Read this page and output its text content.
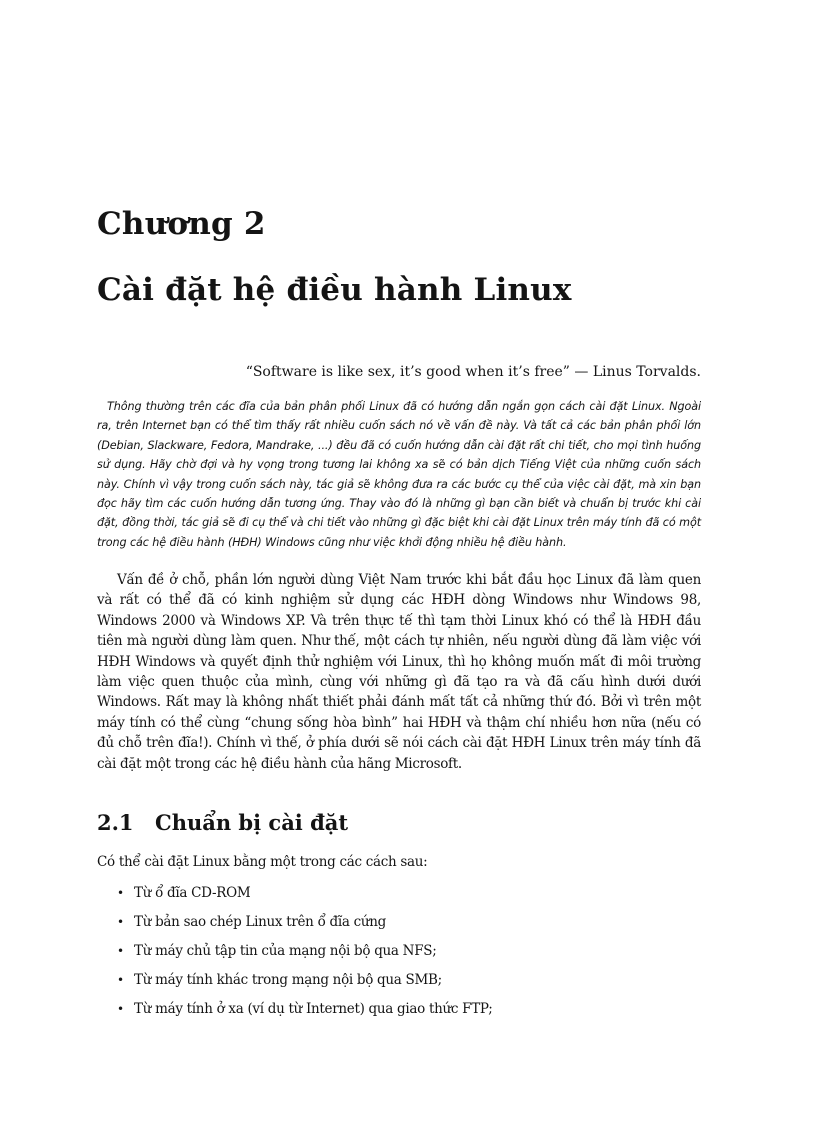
Chương 2
Cài đặt hệ điều hành Linux

“Software is like sex, it’s good when it’s free” — Linus Torvalds.

Thông thường trên các đĩa của bản phân phối Linux đã có hướng dẫn ngắn gọn cách cài đặt Linux. Ngoài ra, trên Internet bạn có thể tìm thấy rất nhiều cuốn sách nó về vấn đề này. Và tất cả các bản phân phối lớn (Debian, Slackware, Fedora, Mandrake, ...) đều đã có cuốn hướng dẫn cài đặt rất chi tiết, cho mọi tình huống sử dụng. Hãy chờ đợi và hy vọng trong tương lai không xa sẽ có bản dịch Tiếng Việt của những cuốn sách này. Chính vì vậy trong cuốn sách này, tác giả sẽ không đưa ra các bước cụ thể của việc cài đặt, mà xin bạn đọc hãy tìm các cuốn hướng dẫn tương ứng. Thay vào đó là những gì bạn cần biết và chuẩn bị trước khi cài đặt, đồng thời, tác giả sẽ đi cụ thể và chi tiết vào những gì đặc biệt khi cài đặt Linux trên máy tính đã có một trong các hệ điều hành (HĐH) Windows cũng như việc khởi động nhiều hệ điều hành.

Vấn đề ở chỗ, phần lớn người dùng Việt Nam trước khi bắt đầu học Linux đã làm quen và rất có thể đã có kinh nghiệm sử dụng các HĐH dòng Windows như Windows 98, Windows 2000 và Windows XP. Và trên thực tế thì tạm thời Linux khó có thể là HĐH đầu tiên mà người dùng làm quen. Như thế, một cách tự nhiên, nếu người dùng đã làm việc với HĐH Windows và quyết định thử nghiệm với Linux, thì họ không muốn mất đi môi trường làm việc quen thuộc của mình, cùng với những gì đã tạo ra và đã cấu hình dưới dưới Windows. Rất may là không nhất thiết phải đánh mất tất cả những thứ đó. Bởi vì trên một máy tính có thể cùng “chung sống hòa bình” hai HĐH và thậm chí nhiều hơn nữa (nếu có đủ chỗ trên đĩa!). Chính vì thế, ở phía dưới sẽ nói cách cài đặt HĐH Linux trên máy tính đã cài đặt một trong các hệ điều hành của hãng Microsoft.

2.1 Chuẩn bị cài đặt

Có thể cài đặt Linux bằng một trong các cách sau:

• Từ ổ đĩa CD-ROM
• Từ bản sao chép Linux trên ổ đĩa cứng
• Từ máy chủ tập tin của mạng nội bộ qua NFS;
• Từ máy tính khác trong mạng nội bộ qua SMB;
• Từ máy tính ở xa (ví dụ từ Internet) qua giao thức FTP;
